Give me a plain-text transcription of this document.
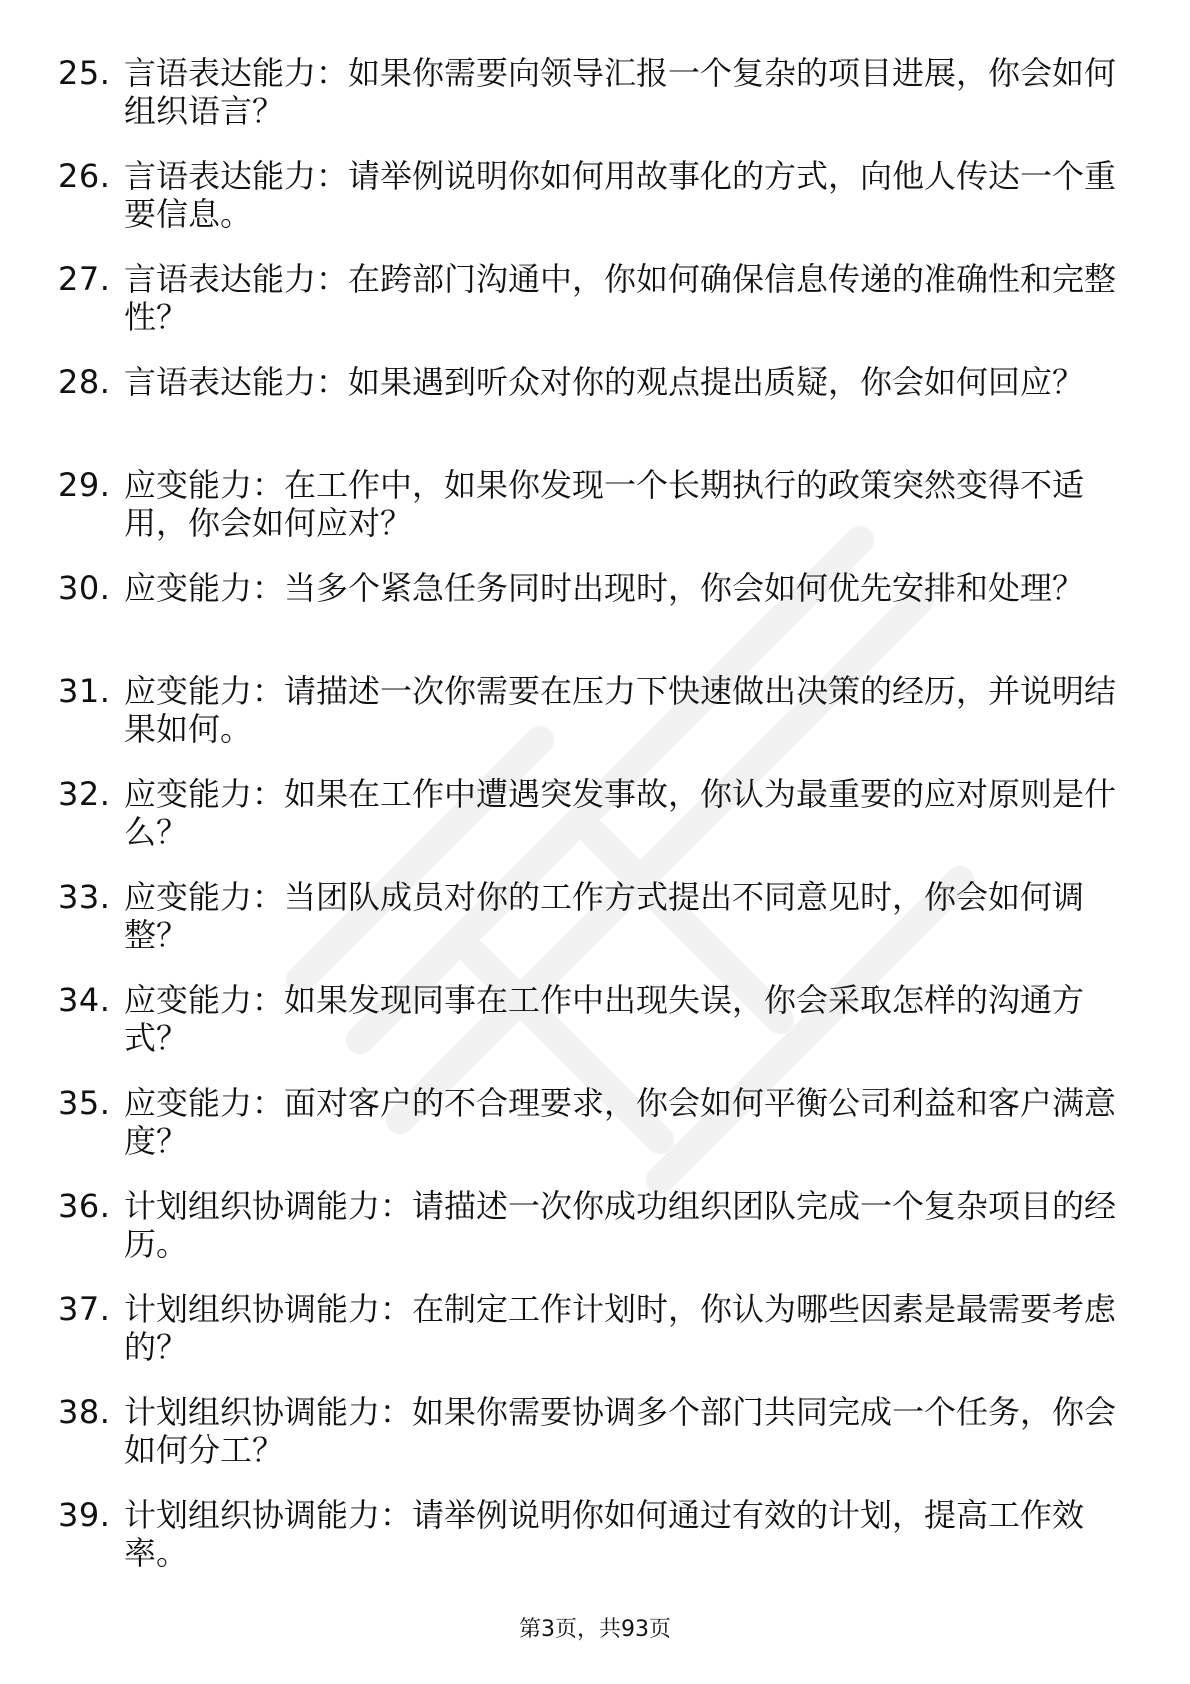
25. 言语表达能力：如果你需要向领导汇报一个复杂的项目进展，你会如何组织语言？
26. 言语表达能力：请举例说明你如何用故事化的方式，向他人传达一个重要信息。
27. 言语表达能力：在跨部门沟通中，你如何确保信息传递的准确性和完整性？
28. 言语表达能力：如果遇到听众对你的观点提出质疑，你会如何回应？
29. 应变能力：在工作中，如果你发现一个长期执行的政策突然变得不适用，你会如何应对？
30. 应变能力：当多个紧急任务同时出现时，你会如何优先安排和处理？
31. 应变能力：请描述一次你需要在压力下快速做出决策的经历，并说明结果如何。
32. 应变能力：如果在工作中遭遇突发事故，你认为最重要的应对原则是什么？
33. 应变能力：当团队成员对你的工作方式提出不同意见时，你会如何调整？
34. 应变能力：如果发现同事在工作中出现失误，你会采取怎样的沟通方式？
35. 应变能力：面对客户的不合理要求，你会如何平衡公司利益和客户满意度？
36. 计划组织协调能力：请描述一次你成功组织团队完成一个复杂项目的经历。
37. 计划组织协调能力：在制定工作计划时，你认为哪些因素是最需要考虑的？
38. 计划组织协调能力：如果你需要协调多个部门共同完成一个任务，你会如何分工？
39. 计划组织协调能力：请举例说明你如何通过有效的计划，提高工作效率。
第3页，共93页
